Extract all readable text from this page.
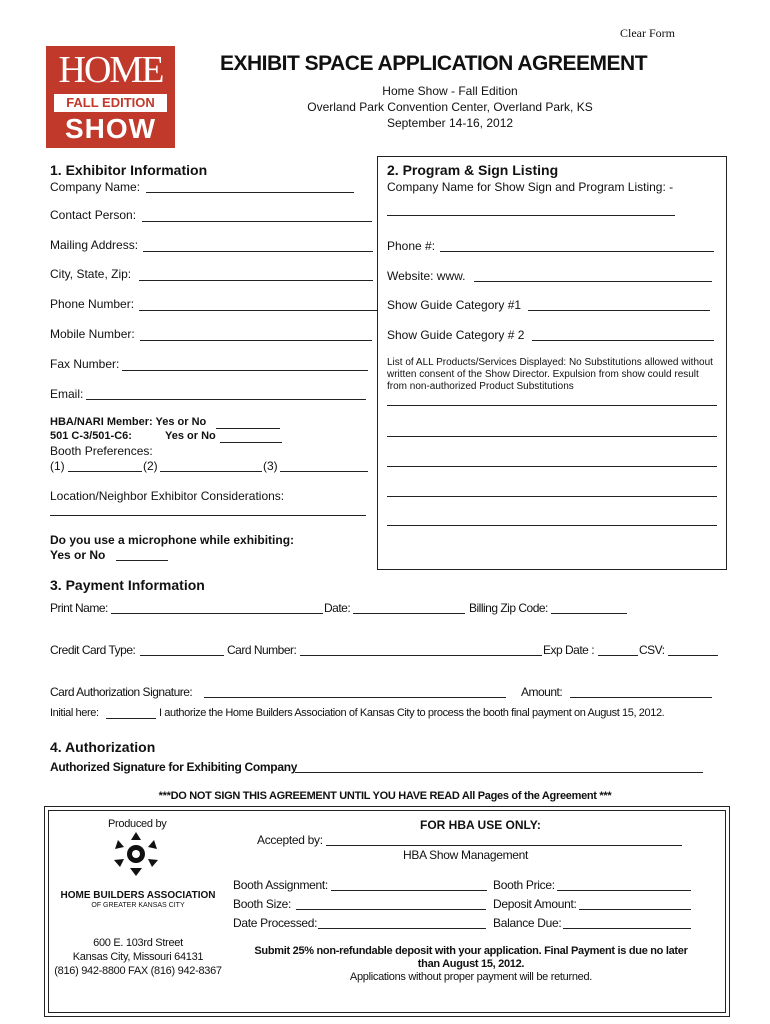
Clear Form
HOME
FALL EDITION
SHOW
EXHIBIT SPACE APPLICATION AGREEMENT
Home Show - Fall Edition
Overland Park Convention Center, Overland Park, KS
September 14-16, 2012
1. Exhibitor Information
Company Name:
Contact Person:
Mailing Address:
City, State, Zip:
Phone Number:
Mobile Number:
Fax Number:
Email:
HBA/NARI Member: Yes or No
501 C-3/501-C6:	Yes or No
Booth Preferences:
(1)	(2)	(3)
Location/Neighbor Exhibitor Considerations:
Do you use a microphone while exhibiting:
Yes or No
2. Program & Sign Listing
Company Name for Show Sign and Program Listing: -
Phone #:
Website: www.
Show Guide Category #1
Show Guide Category # 2
List of ALL Products/Services Displayed: No Substitutions allowed without written consent of the Show Director. Expulsion from show could result from non-authorized Product Substitutions
3. Payment Information
Print Name:	Date:	Billing Zip Code:
Credit Card Type:	Card Number:	Exp Date :	CSV:
Card Authorization Signature:	Amount:
Initial here:	I authorize the Home Builders Association of Kansas City to process the booth final payment on August 15, 2012.
4. Authorization
Authorized Signature for Exhibiting Company
***DO NOT SIGN THIS AGREEMENT UNTIL YOU HAVE READ All Pages of the Agreement ***
Produced by
HOME BUILDERS ASSOCIATION
OF GREATER KANSAS CITY
600 E. 103rd Street
Kansas City, Missouri 64131
(816) 942-8800 FAX (816) 942-8367
FOR HBA USE ONLY:
Accepted by:
HBA Show Management
Booth Assignment:	Booth Price:
Booth Size:	Deposit Amount:
Date Processed:	Balance Due:
Submit 25% non-refundable deposit with your application. Final Payment is due no later than August 15, 2012.
Applications without proper payment will be returned.
